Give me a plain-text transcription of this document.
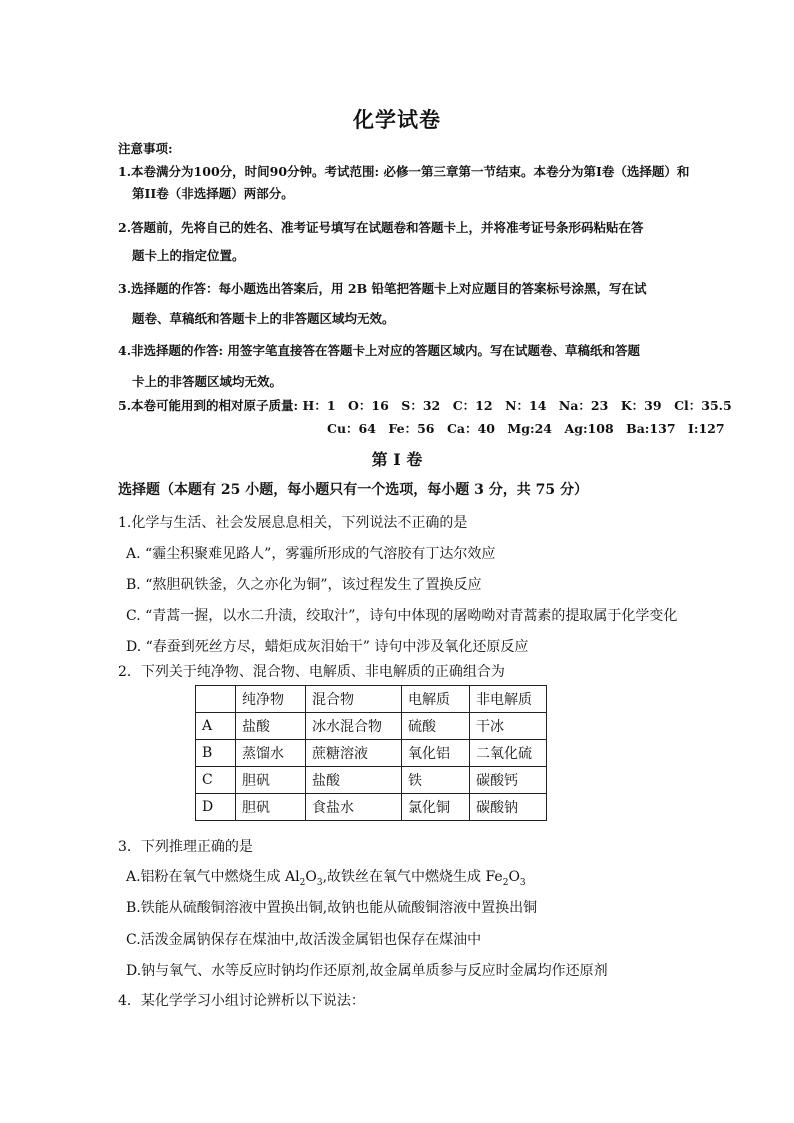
化学试卷
注意事项:
1.本卷满分为100分，时间90分钟。考试范围: 必修一第三章第一节结束。本卷分为第I卷（选择题）和
第II卷（非选择题）两部分。
2.答题前，先将自己的姓名、准考证号填写在试题卷和答题卡上，并将准考证号条形码粘贴在答
题卡上的指定位置。
3.选择题的作答：每小题选出答案后，用 2B 铅笔把答题卡上对应题目的答案标号涂黑，写在试
题卷、草稿纸和答题卡上的非答题区域均无效。
4.非选择题的作答: 用签字笔直接答在答题卡上对应的答题区域内。写在试题卷、草稿纸和答题
卡上的非答题区域均无效。
5.本卷可能用到的相对原子质量: H：1　O：16　S：32　C：12　N：14　Na：23　K：39　Cl：35.5
Cu：64　Fe：56　Ca：40　Mg:24　Ag:108　Ba:137　I:127
第 I 卷
选择题（本题有 25 小题，每小题只有一个选项，每小题 3 分，共 75 分）
1.化学与生活、社会发展息息相关，下列说法不正确的是
A. “霾尘积聚难见路人”，雾霾所形成的气溶胶有丁达尔效应
B. “熬胆矾铁釜，久之亦化为铜”，该过程发生了置换反应
C. “青蒿一握，以水二升渍，绞取汁”，诗句中体现的屠呦呦对青蒿素的提取属于化学变化
D. “春蚕到死丝方尽，蜡炬成灰泪始干” 诗句中涉及氧化还原反应
2．下列关于纯净物、混合物、电解质、非电解质的正确组合为
	纯净物	混合物	电解质	非电解质
A	盐酸	冰水混合物	硫酸	干冰
B	蒸馏水	蔗糖溶液	氧化铝	二氧化硫
C	胆矾	盐酸	铁	碳酸钙
D	胆矾	食盐水	氯化铜	碳酸钠
3．下列推理正确的是
A.铝粉在氧气中燃烧生成 $Al_2O_3$,故铁丝在氧气中燃烧生成 $Fe_2O_3$
B.铁能从硫酸铜溶液中置换出铜,故钠也能从硫酸铜溶液中置换出铜
C.活泼金属钠保存在煤油中,故活泼金属铝也保存在煤油中
D.钠与氧气、水等反应时钠均作还原剂,故金属单质参与反应时金属均作还原剂
4．某化学学习小组讨论辨析以下说法：
